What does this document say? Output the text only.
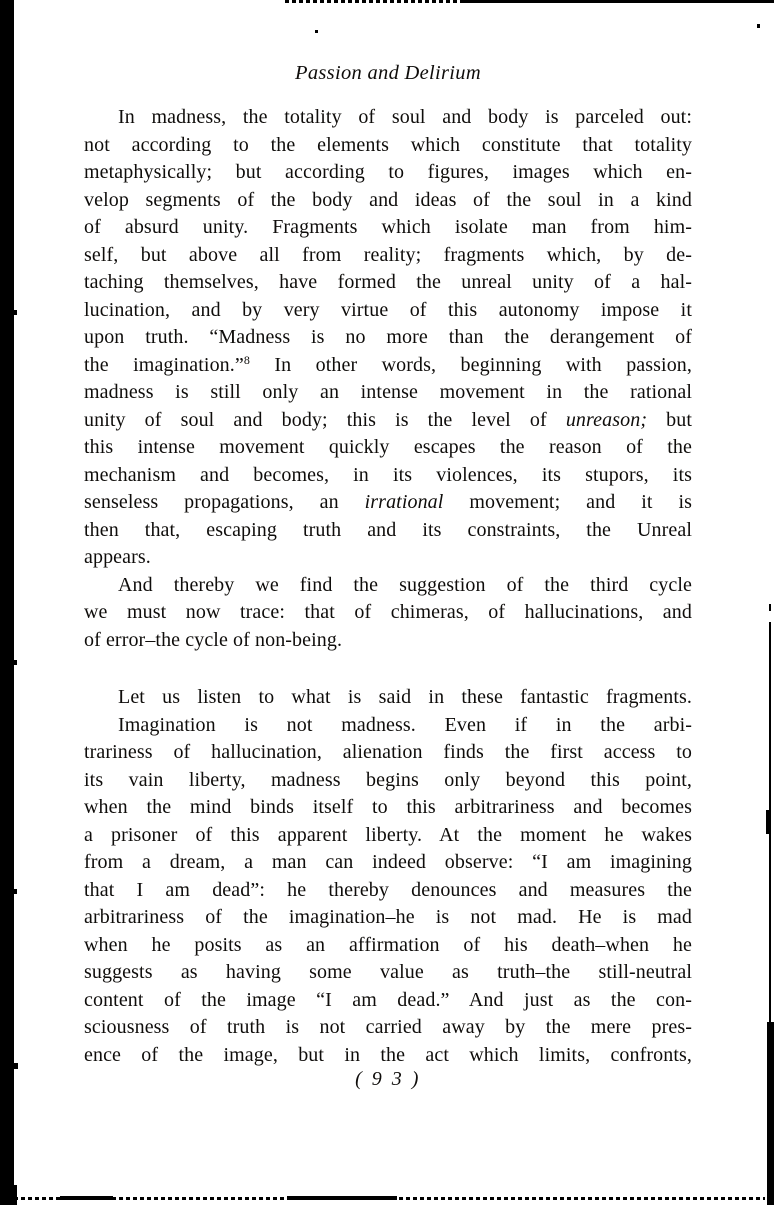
Passion and Delirium
In madness, the totality of soul and body is parceled out:
not according to the elements which constitute that totality
metaphysically; but according to figures, images which en-
velop segments of the body and ideas of the soul in a kind
of absurd unity. Fragments which isolate man from him-
self, but above all from reality; fragments which, by de-
taching themselves, have formed the unreal unity of a hal-
lucination, and by very virtue of this autonomy impose it
upon truth. “Madness is no more than the derangement of
the imagination.”$^8$ In other words, beginning with passion,
madness is still only an intense movement in the rational
unity of soul and body; this is the level of unreason; but
this intense movement quickly escapes the reason of the
mechanism and becomes, in its violences, its stupors, its
senseless propagations, an irrational movement; and it is
then that, escaping truth and its constraints, the Unreal
appears.
And thereby we find the suggestion of the third cycle
we must now trace: that of chimeras, of hallucinations, and
of error–the cycle of non-being.
Let us listen to what is said in these fantastic fragments.
Imagination is not madness. Even if in the arbi-
trariness of hallucination, alienation finds the first access to
its vain liberty, madness begins only beyond this point,
when the mind binds itself to this arbitrariness and becomes
a prisoner of this apparent liberty. At the moment he wakes
from a dream, a man can indeed observe: “I am imagining
that I am dead”: he thereby denounces and measures the
arbitrariness of the imagination–he is not mad. He is mad
when he posits as an affirmation of his death–when he
suggests as having some value as truth–the still-neutral
content of the image “I am dead.” And just as the con-
sciousness of truth is not carried away by the mere pres-
ence of the image, but in the act which limits, confronts,
( 9 3 )
